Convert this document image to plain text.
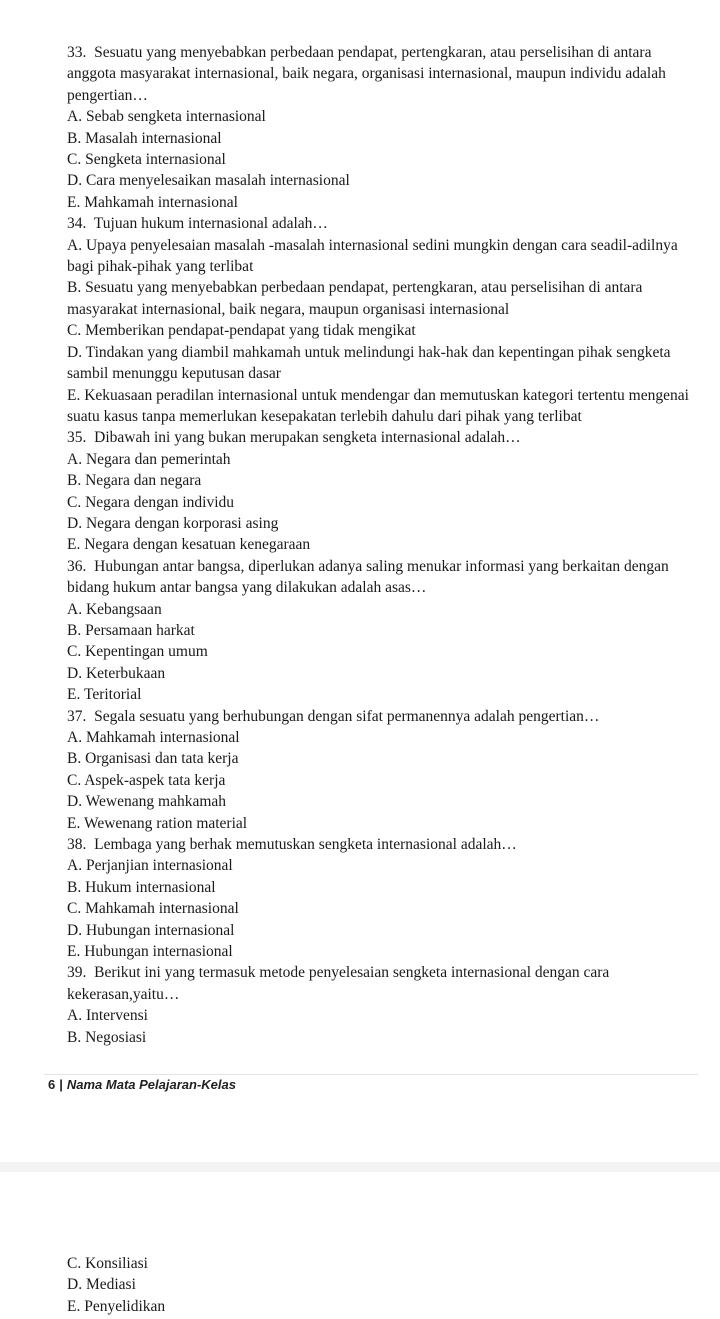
33. Sesuatu yang menyebabkan perbedaan pendapat, pertengkaran, atau perselisihan di antara anggota masyarakat internasional, baik negara, organisasi internasional, maupun individu adalah pengertian…
A. Sebab sengketa internasional
B. Masalah internasional
C. Sengketa internasional
D. Cara menyelesaikan masalah internasional
E. Mahkamah internasional
34. Tujuan hukum internasional adalah…
A. Upaya penyelesaian masalah -masalah internasional sedini mungkin dengan cara seadil-adilnya bagi pihak-pihak yang terlibat
B. Sesuatu yang menyebabkan perbedaan pendapat, pertengkaran, atau perselisihan di antara masyarakat internasional, baik negara, maupun organisasi internasional
C. Memberikan pendapat-pendapat yang tidak mengikat
D. Tindakan yang diambil mahkamah untuk melindungi hak-hak dan kepentingan pihak sengketa sambil menunggu keputusan dasar
E. Kekuasaan peradilan internasional untuk mendengar dan memutuskan kategori tertentu mengenai suatu kasus tanpa memerlukan kesepakatan terlebih dahulu dari pihak yang terlibat
35. Dibawah ini yang bukan merupakan sengketa internasional adalah…
A. Negara dan pemerintah
B. Negara dan negara
C. Negara dengan individu
D. Negara dengan korporasi asing
E. Negara dengan kesatuan kenegaraan
36. Hubungan antar bangsa, diperlukan adanya saling menukar informasi yang berkaitan dengan bidang hukum antar bangsa yang dilakukan adalah asas…
A. Kebangsaan
B. Persamaan harkat
C. Kepentingan umum
D. Keterbukaan
E. Teritorial
37. Segala sesuatu yang berhubungan dengan sifat permanennya adalah pengertian…
A. Mahkamah internasional
B. Organisasi dan tata kerja
C. Aspek-aspek tata kerja
D. Wewenang mahkamah
E. Wewenang ration material
38. Lembaga yang berhak memutuskan sengketa internasional adalah…
A. Perjanjian internasional
B. Hukum internasional
C. Mahkamah internasional
D. Hubungan internasional
E. Hubungan internasional
39. Berikut ini yang termasuk metode penyelesaian sengketa internasional dengan cara kekerasan,yaitu…
A. Intervensi
B. Negosiasi
6 | Nama Mata Pelajaran-Kelas
C. Konsiliasi
D. Mediasi
E. Penyelidikan
